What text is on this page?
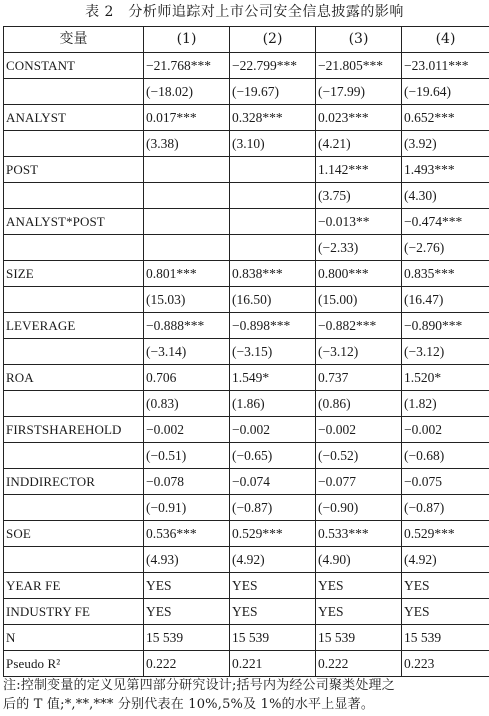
表 2　分析师追踪对上市公司安全信息披露的影响
变量	(1)	(2)	(3)	(4)
CONSTANT	−21.768***	−22.799***	−21.805***	−23.011***
	(−18.02)	(−19.67)	(−17.99)	(−19.64)
ANALYST	0.017***	0.328***	0.023***	0.652***
	(3.38)	(3.10)	(4.21)	(3.92)
POST			1.142***	1.493***
			(3.75)	(4.30)
ANALYST*POST			−0.013**	−0.474***
			(−2.33)	(−2.76)
SIZE	0.801***	0.838***	0.800***	0.835***
	(15.03)	(16.50)	(15.00)	(16.47)
LEVERAGE	−0.888***	−0.898***	−0.882***	−0.890***
	(−3.14)	(−3.15)	(−3.12)	(−3.12)
ROA	0.706	1.549*	0.737	1.520*
	(0.83)	(1.86)	(0.86)	(1.82)
FIRSTSHAREHOLD	−0.002	−0.002	−0.002	−0.002
	(−0.51)	(−0.65)	(−0.52)	(−0.68)
INDDIRECTOR	−0.078	−0.074	−0.077	−0.075
	(−0.91)	(−0.87)	(−0.90)	(−0.87)
SOE	0.536***	0.529***	0.533***	0.529***
	(4.93)	(4.92)	(4.90)	(4.92)
YEAR FE	YES	YES	YES	YES
INDUSTRY FE	YES	YES	YES	YES
N	15 539	15 539	15 539	15 539
Pseudo R²	0.222	0.221	0.222	0.223
注:控制变量的定义见第四部分研究设计;括号内为经公司聚类处理之
后的 T 值;*,**,*** 分别代表在 10%,5%及 1%的水平上显著。
